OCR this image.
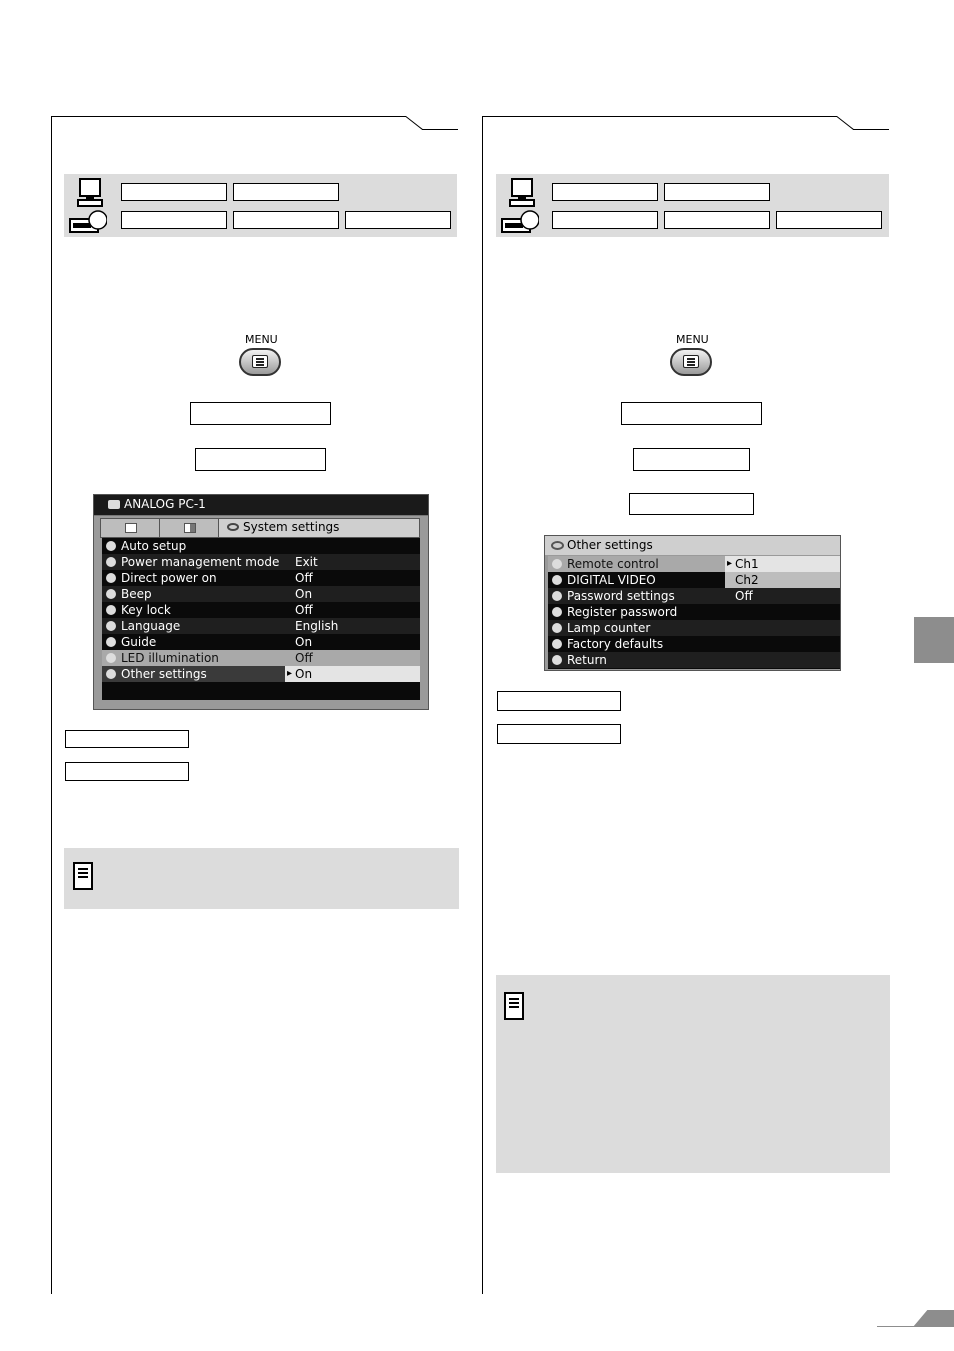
MENU	MENU
ANALOG PC-1
System settings
Auto setup
Power management mode Exit
Direct power on	Off
Beep	On
Key lock	Off
Language	English
Guide	On
LED illumination	Off
Other settings	On
▸
Other settings
Remote control	Ch1
▸
DIGITAL VIDEO	Ch2
Password settings	Off
Register password
Lamp counter
Factory defaults
Return
